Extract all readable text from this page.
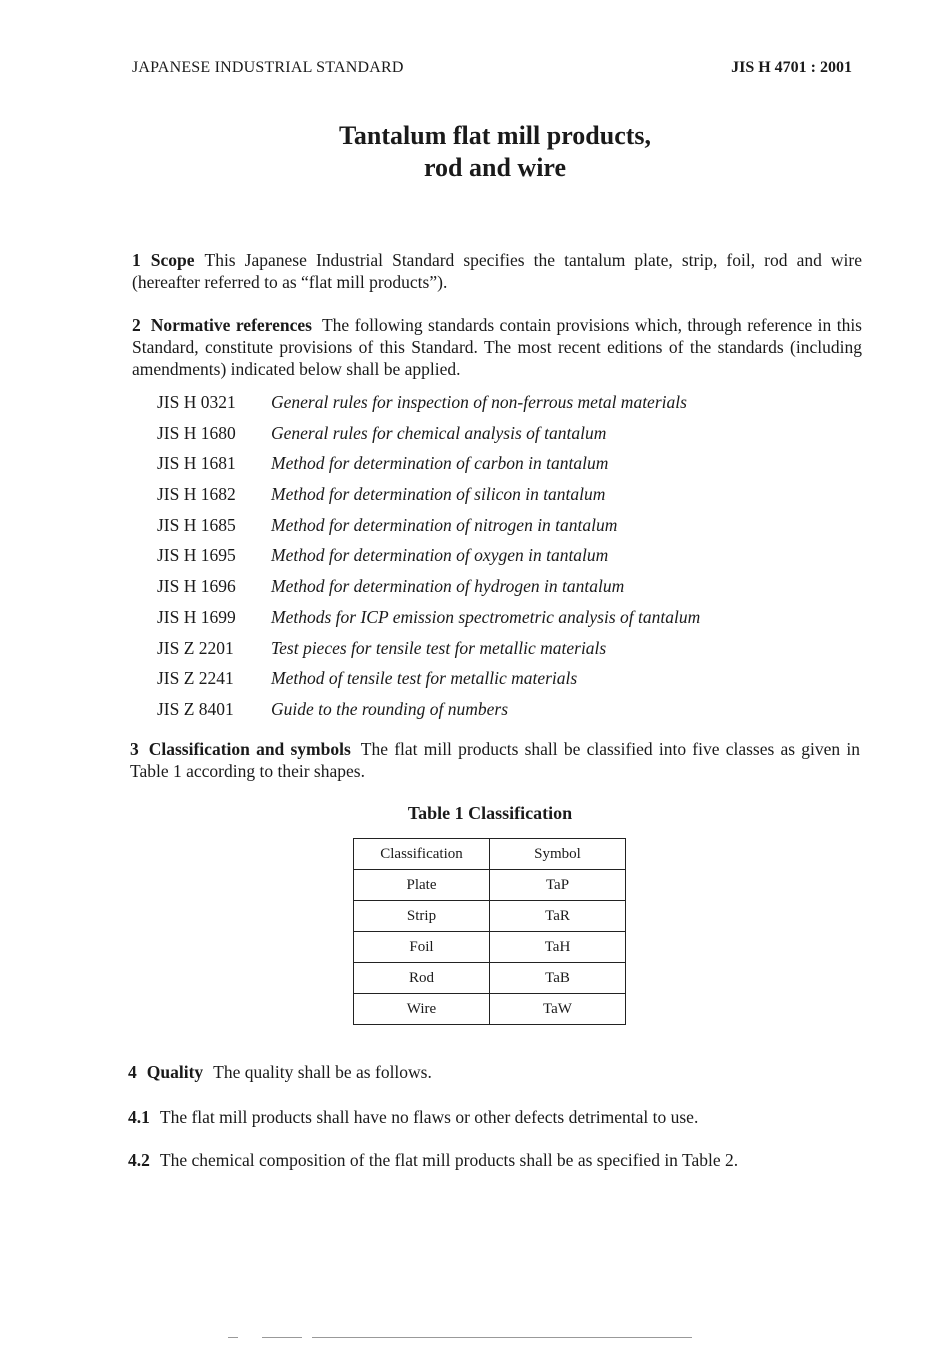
JAPANESE INDUSTRIAL STANDARD	JIS H 4701 : 2001
Tantalum flat mill products,
rod and wire
1 Scope This Japanese Industrial Standard specifies the tantalum plate, strip, foil, rod and wire (hereafter referred to as “flat mill products”).
2 Normative references The following standards contain provisions which, through reference in this Standard, constitute provisions of this Standard. The most recent editions of the standards (including amendments) indicated below shall be applied.
JIS H 0321 General rules for inspection of non-ferrous metal materials
JIS H 1680 General rules for chemical analysis of tantalum
JIS H 1681 Method for determination of carbon in tantalum
JIS H 1682 Method for determination of silicon in tantalum
JIS H 1685 Method for determination of nitrogen in tantalum
JIS H 1695 Method for determination of oxygen in tantalum
JIS H 1696 Method for determination of hydrogen in tantalum
JIS H 1699 Methods for ICP emission spectrometric analysis of tantalum
JIS Z 2201 Test pieces for tensile test for metallic materials
JIS Z 2241 Method of tensile test for metallic materials
JIS Z 8401 Guide to the rounding of numbers
3 Classification and symbols The flat mill products shall be classified into five classes as given in Table 1 according to their shapes.
Table 1 Classification
Classification	Symbol
Plate	TaP
Strip	TaR
Foil	TaH
Rod	TaB
Wire	TaW
4 Quality The quality shall be as follows.
4.1 The flat mill products shall have no flaws or other defects detrimental to use.
4.2 The chemical composition of the flat mill products shall be as specified in Table 2.
